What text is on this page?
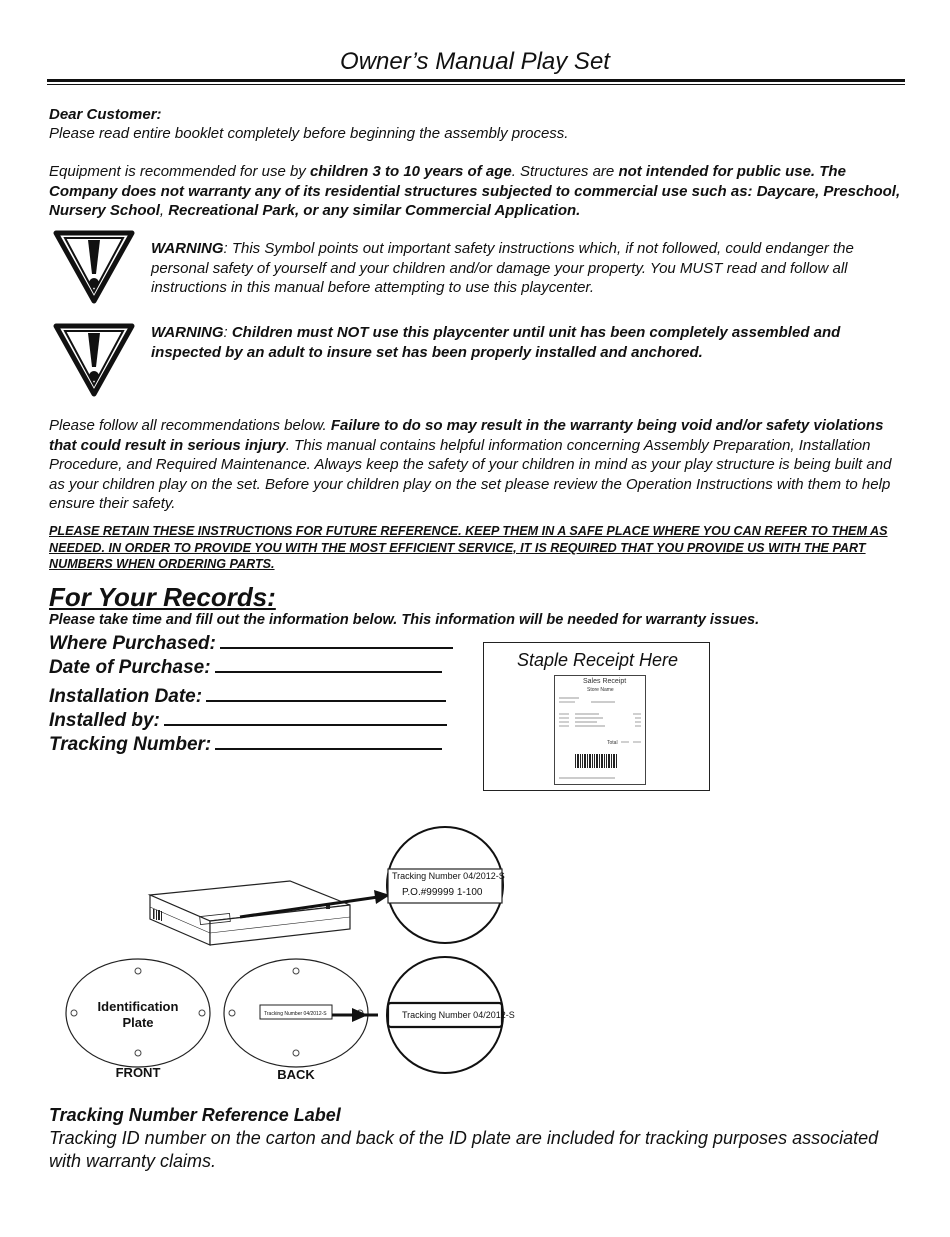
Owner’s Manual Play Set
Dear Customer:
Please read entire booklet completely before beginning the assembly process.
Equipment is recommended for use by children 3 to 10 years of age. Structures are not intended for public use. The Company does not warranty any of its residential structures subjected to commercial use such as: Daycare, Preschool, Nursery School, Recreational Park, or any similar Commercial Application.
WARNING: This Symbol points out important safety instructions which, if not followed, could endanger the personal safety of yourself and your children and/or damage your property. You MUST read and follow all instructions in this manual before attempting to use this playcenter.
WARNING: Children must NOT use this playcenter until unit has been completely assembled and inspected by an adult to insure set has been properly installed and anchored.
Please follow all recommendations below. Failure to do so may result in the warranty being void and/or safety violations that could result in serious injury. This manual contains helpful information concerning Assembly Preparation, Installation Procedure, and Required Maintenance. Always keep the safety of your children in mind as your play structure is being built and as your children play on the set. Before your children play on the set please review the Operation Instructions with them to help ensure their safety.
PLEASE RETAIN THESE INSTRUCTIONS FOR FUTURE REFERENCE. KEEP THEM IN A SAFE PLACE WHERE YOU CAN REFER TO THEM AS NEEDED. IN ORDER TO PROVIDE YOU WITH THE MOST EFFICIENT SERVICE, IT IS REQUIRED THAT YOU PROVIDE US WITH THE PART NUMBERS WHEN ORDERING PARTS.
For Your Records:
Please take time and fill out the information below. This information will be needed for warranty issues.
Where Purchased:
Date of Purchase:
Installation Date:
Installed by:
Tracking Number:
Staple Receipt Here
Sales Receipt
Store Name
Total
Tracking Number 04/2012-S
P.O.#99999 1-100
Identification
Plate
FRONT
Tracking Number 04/2012-S
BACK
Tracking Number 04/2012-S
Tracking Number Reference Label
Tracking ID number on the carton and back of the ID plate are included for tracking purposes associated with warranty claims.
